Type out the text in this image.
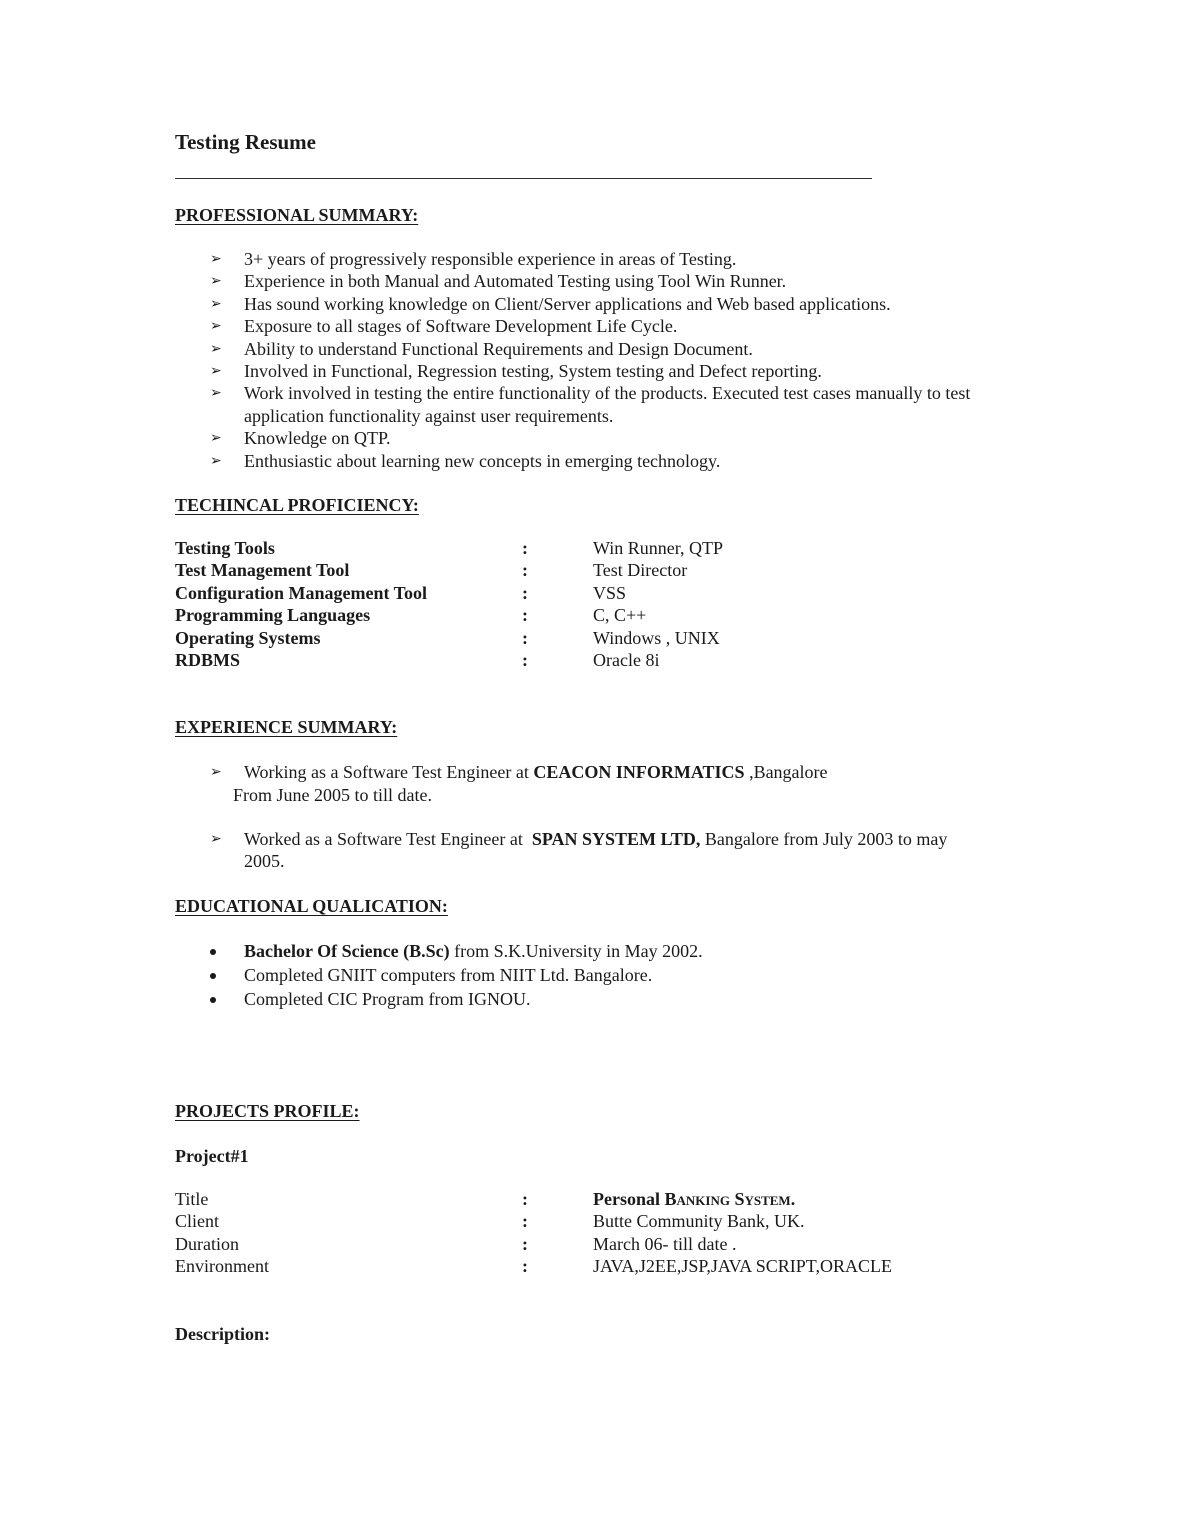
Testing Resume
PROFESSIONAL SUMMARY:
➢ 3+ years of progressively responsible experience in areas of Testing.
➢ Experience in both Manual and Automated Testing using Tool Win Runner.
➢ Has sound working knowledge on Client/Server applications and Web based applications.
➢ Exposure to all stages of Software Development Life Cycle.
➢ Ability to understand Functional Requirements and Design Document.
➢ Involved in Functional, Regression testing, System testing and Defect reporting.
➢ Work involved in testing the entire functionality of the products. Executed test cases manually to test application functionality against user requirements.
➢ Knowledge on QTP.
➢ Enthusiastic about learning new concepts in emerging technology.
TECHINCAL PROFICIENCY:
Testing Tools	:	Win Runner, QTP
Test Management Tool	:	Test Director
Configuration Management Tool	:	VSS
Programming Languages	:	C, C++
Operating Systems	:	Windows , UNIX
RDBMS	:	Oracle 8i
EXPERIENCE SUMMARY:
➢ Working as a Software Test Engineer at CEACON INFORMATICS ,Bangalore
From June 2005 to till date.
➢ Worked as a Software Test Engineer at  SPAN SYSTEM LTD, Bangalore from July 2003 to may
2005.
EDUCATIONAL QUALICATION:
Bachelor Of Science (B.Sc) from S.K.University in May 2002.
Completed GNIIT computers from NIIT Ltd. Bangalore.
Completed CIC Program from IGNOU.
PROJECTS PROFILE:
Project#1
Title	:	Personal Banking System.
Client	:	Butte Community Bank, UK.
Duration	:	March 06- till date .
Environment	:	JAVA,J2EE,JSP,JAVA SCRIPT,ORACLE
Description:
